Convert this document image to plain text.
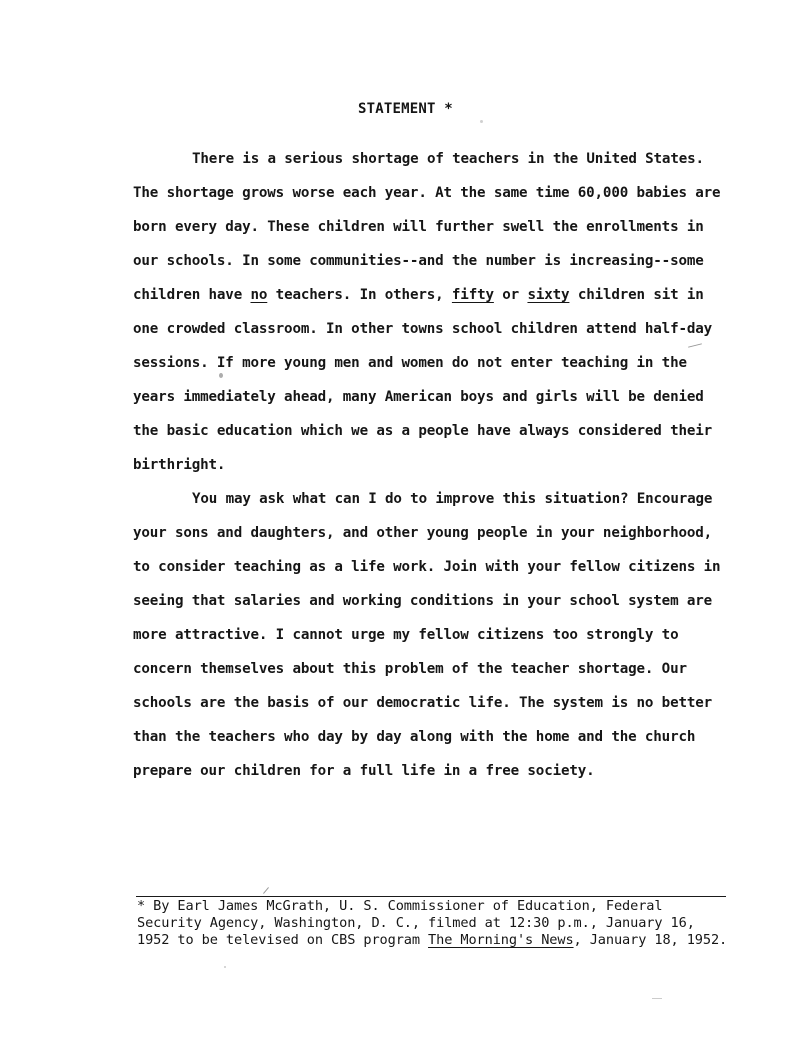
STATEMENT *
There is a serious shortage of teachers in the United States.
The shortage grows worse each year. At the same time 60,000 babies are
born every day. These children will further swell the enrollments in
our schools. In some communities--and the number is increasing--some
children have no teachers. In others, fifty or sixty children sit in
one crowded classroom. In other towns school children attend half-day
sessions. If more young men and women do not enter teaching in the
years immediately ahead, many American boys and girls will be denied
the basic education which we as a people have always considered their
birthright.
You may ask what can I do to improve this situation? Encourage
your sons and daughters, and other young people in your neighborhood,
to consider teaching as a life work. Join with your fellow citizens in
seeing that salaries and working conditions in your school system are
more attractive. I cannot urge my fellow citizens too strongly to
concern themselves about this problem of the teacher shortage. Our
schools are the basis of our democratic life. The system is no better
than the teachers who day by day along with the home and the church
prepare our children for a full life in a free society.
* By Earl James McGrath, U. S. Commissioner of Education, Federal
Security Agency, Washington, D. C., filmed at 12:30 p.m., January 16,
1952 to be televised on CBS program The Morning's News, January 18, 1952.
